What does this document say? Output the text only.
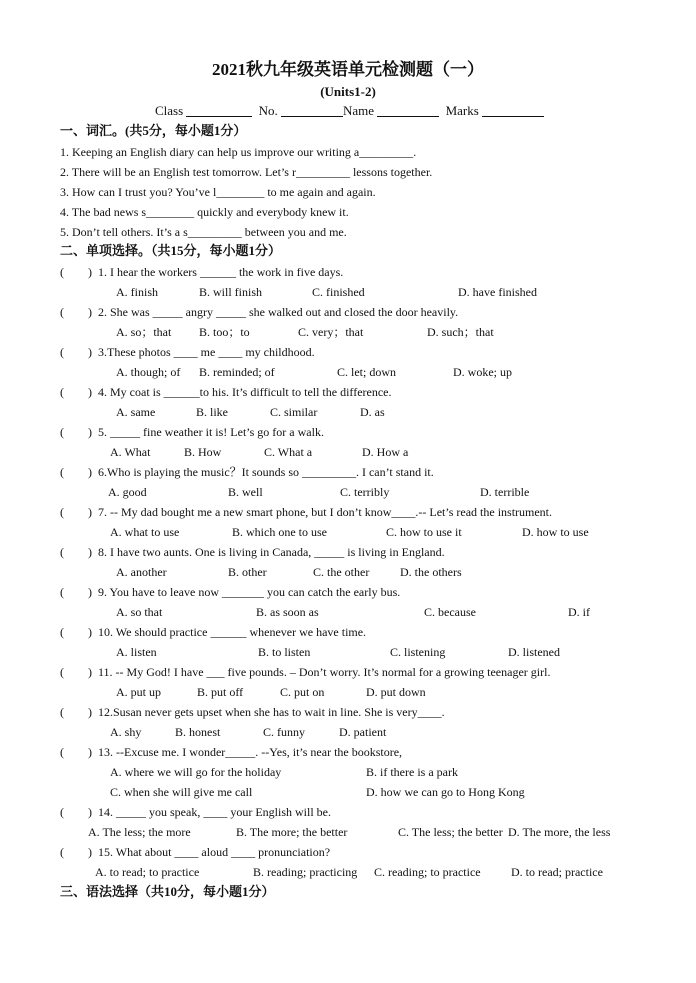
2021秋九年级英语单元检测题（一）
(Units1-2)
Class	No.	Name	Marks
一、词汇。(共5分，每小题1分）
1. Keeping an English diary can help us improve our writing a_________.
2. There will be an English test tomorrow. Let’s r_________ lessons together.
3. How can I trust you? You’ve l________ to me again and again.
4. The bad news s________ quickly and everybody knew it.
5. Don’t tell others. It’s a s_________ between you and me.
二、单项选择。（共15分，每小题1分）
( ) 1. I hear the workers ______ the work in five days.
A. finish	B. will finish	C. finished	D. have finished
( ) 2. She was _____ angry _____ she walked out and closed the door heavily.
A. so；that B. too；to	C. very；that	D. such；that
( ) 3.These photos ____ me ____ my childhood.
A. though; of B. reminded; of	C. let; down	D. woke; up
( ) 4. My coat is ______to his. It’s difficult to tell the difference.
A. same	B. like	C. similar	D. as
( ) 5. _____ fine weather it is! Let’s go for a walk.
A. What	B. How	C. What a	D. How a
( ) 6.Who is playing the music？It sounds so _________. I can’t stand it.
A. good	B. well	C. terribly	D. terrible
( ) 7. -- My dad bought me a new smart phone, but I don’t know____.-- Let’s read the instrument.
A. what to use	B. which one to use	C. how to use it	D. how to use
( ) 8. I have two aunts. One is living in Canada, _____ is living in England.
A. another	B. other	C. the other	D. the others
( ) 9. You have to leave now _______ you can catch the early bus.
A. so that	B. as soon as	C. because	D. if
( ) 10. We should practice ______ whenever we have time.
A. listen	B. to listen	C. listening	D. listened
( ) 11. -- My God! I have ___ five pounds. – Don’t worry. It’s normal for a growing teenager girl.
A. put up	B. put off	C. put on	D. put down
( ) 12.Susan never gets upset when she has to wait in line. She is very____.
A. shy	B. honest	C. funny	D. patient
( ) 13. --Excuse me. I wonder_____. --Yes, it’s near the bookstore,
A. where we will go for the holiday	B. if there is a park
C. when she will give me call	D. how we can go to Hong Kong
( ) 14. _____ you speak, ____ your English will be.
A. The less; the more	B. The more; the better	C. The less; the better D. The more, the less
( ) 15. What about ____ aloud ____ pronunciation?
A. to read; to practice	B. reading; practicing C. reading; to practice	D. to read; practice
三、语法选择（共10分，每小题1分）
